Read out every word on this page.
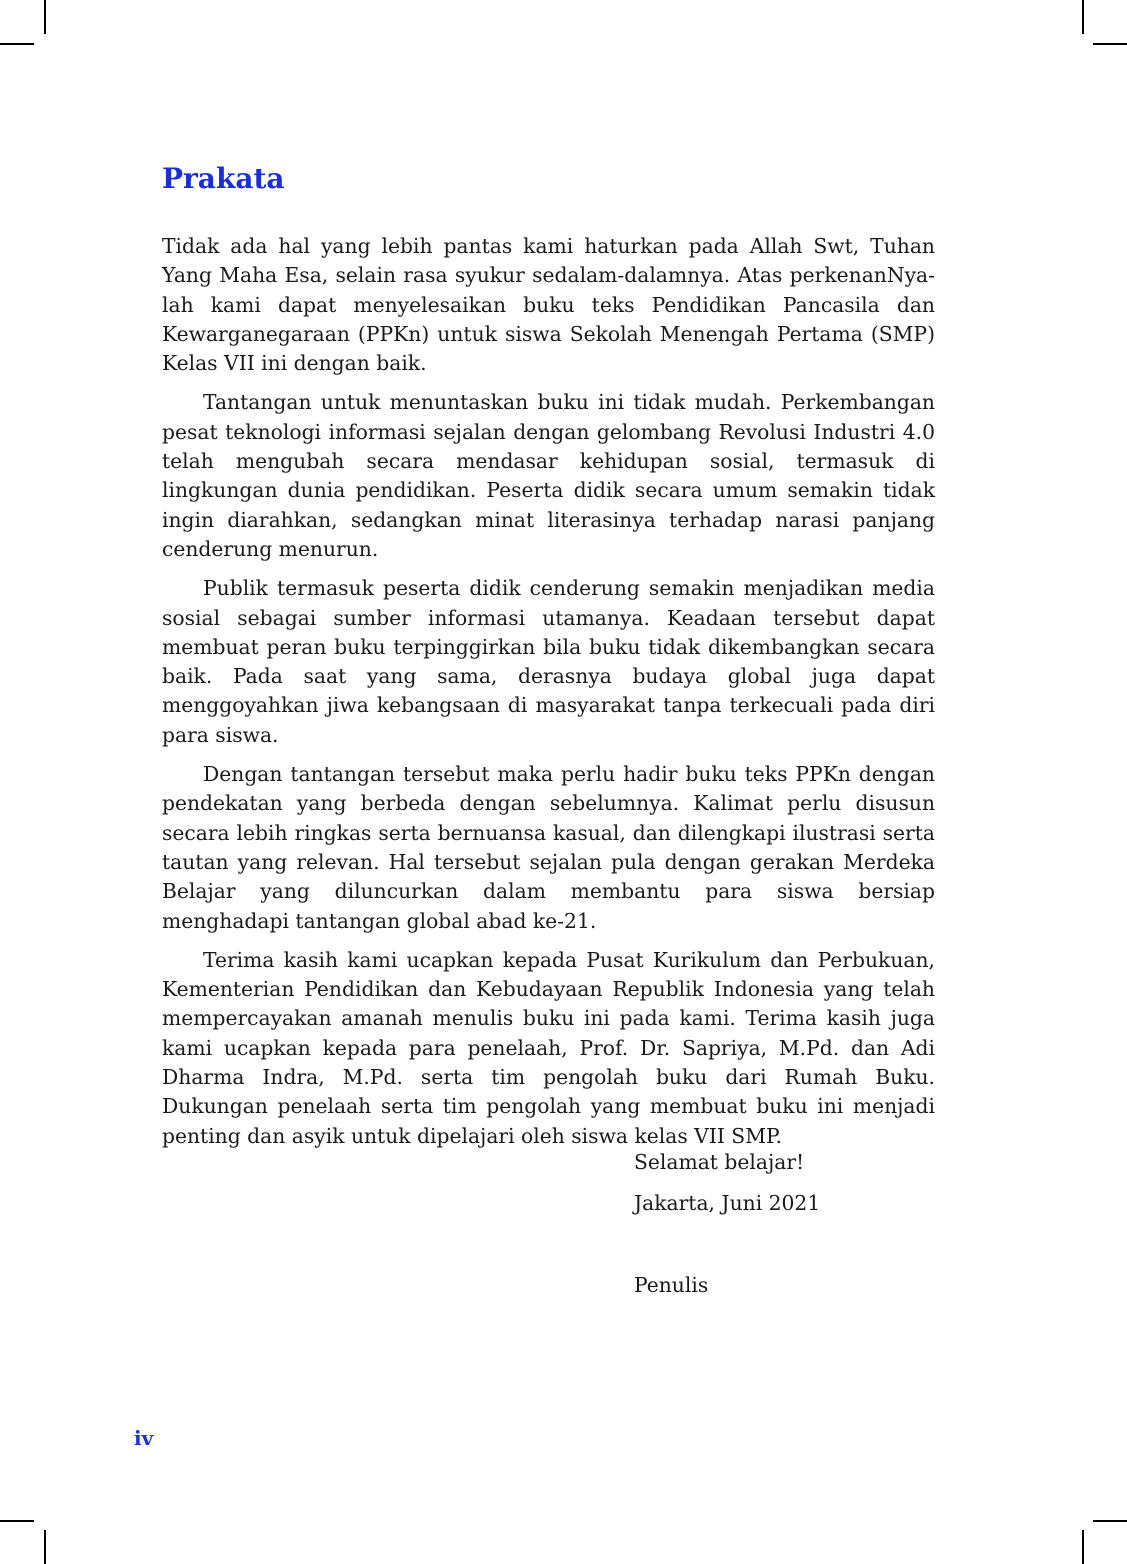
Prakata

Tidak ada hal yang lebih pantas kami haturkan pada Allah Swt, Tuhan Yang Maha Esa, selain rasa syukur sedalam-dalamnya. Atas perkenanNya-lah kami dapat menyelesaikan buku teks Pendidikan Pancasila dan Kewarganegaraan (PPKn) untuk siswa Sekolah Menengah Pertama (SMP) Kelas VII ini dengan baik.

Tantangan untuk menuntaskan buku ini tidak mudah. Perkembangan pesat teknologi informasi sejalan dengan gelombang Revolusi Industri 4.0 telah mengubah secara mendasar kehidupan sosial, termasuk di lingkungan dunia pendidikan. Peserta didik secara umum semakin tidak ingin diarahkan, sedangkan minat literasinya terhadap narasi panjang cenderung menurun.

Publik termasuk peserta didik cenderung semakin menjadikan media sosial sebagai sumber informasi utamanya. Keadaan tersebut dapat membuat peran buku terpinggirkan bila buku tidak dikembangkan secara baik. Pada saat yang sama, derasnya budaya global juga dapat menggoyahkan jiwa kebangsaan di masyarakat tanpa terkecuali pada diri para siswa.

Dengan tantangan tersebut maka perlu hadir buku teks PPKn dengan pendekatan yang berbeda dengan sebelumnya. Kalimat perlu disusun secara lebih ringkas serta bernuansa kasual, dan dilengkapi ilustrasi serta tautan yang relevan. Hal tersebut sejalan pula dengan gerakan Merdeka Belajar yang diluncurkan dalam membantu para siswa bersiap menghadapi tantangan global abad ke-21.

Terima kasih kami ucapkan kepada Pusat Kurikulum dan Perbukuan, Kementerian Pendidikan dan Kebudayaan Republik Indonesia yang telah mempercayakan amanah menulis buku ini pada kami. Terima kasih juga kami ucapkan kepada para penelaah, Prof. Dr. Sapriya, M.Pd. dan Adi Dharma Indra, M.Pd. serta tim pengolah buku dari Rumah Buku. Dukungan penelaah serta tim pengolah yang membuat buku ini menjadi penting dan asyik untuk dipelajari oleh siswa kelas VII SMP.

Selamat belajar!
Jakarta, Juni 2021
Penulis
iv
